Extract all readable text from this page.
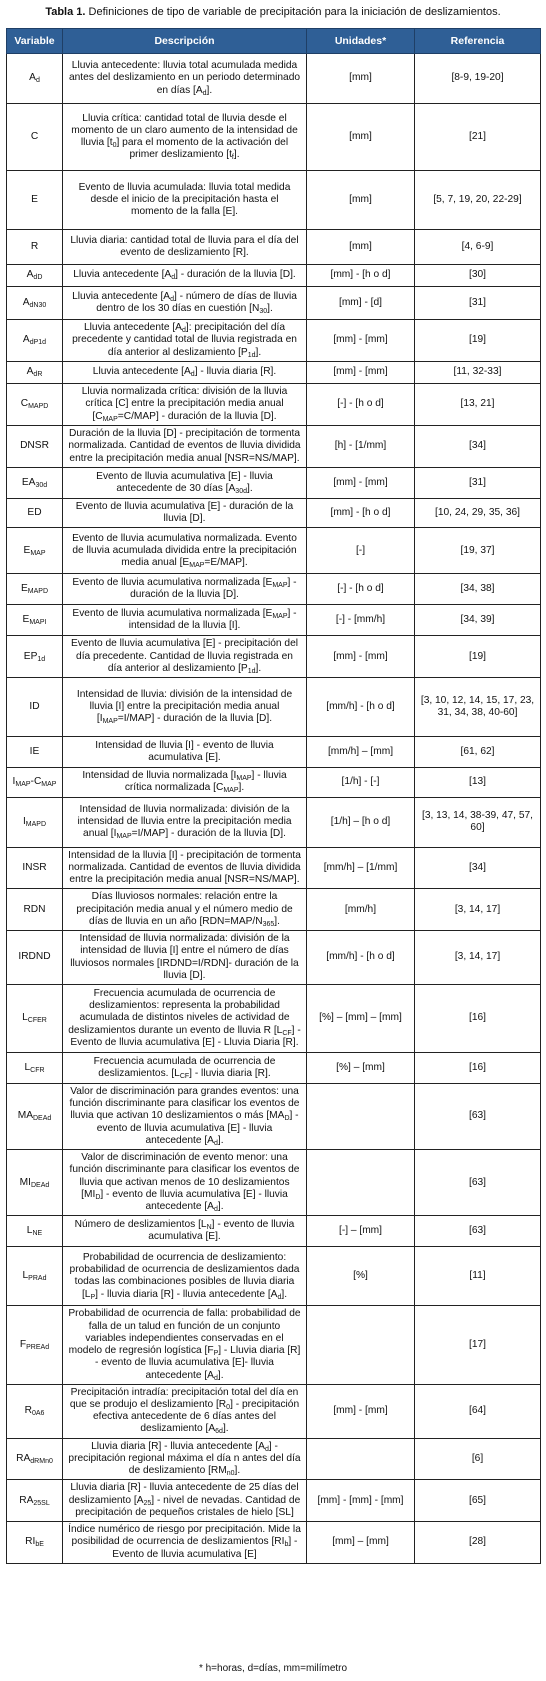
Tabla 1. Definiciones de tipo de variable de precipitación para la iniciación de deslizamientos.
Variable	Descripción	Unidades*	Referencia
$A_d$	Lluvia antecedente: lluvia total acumulada medida antes del deslizamiento en un periodo determinado en días $[A_d]$.	[mm]	[8-9, 19-20]
C	Lluvia crítica: cantidad total de lluvia desde el momento de un claro aumento de la intensidad de lluvia $[t_0]$ para el momento de la activación del primer deslizamiento $[t_f]$.	[mm]	[21]
E	Evento de lluvia acumulada: lluvia total medida desde el inicio de la precipitación hasta el momento de la falla [E].	[mm]	[5, 7, 19, 20, 22-29]
R	Lluvia diaria: cantidad total de lluvia para el día del evento de deslizamiento [R].	[mm]	[4, 6-9]
$A_{dD}$	Lluvia antecedente $[A_d]$ - duración de la lluvia [D].	[mm] - [h o d]	[30]
$A_{dN30}$	Lluvia antecedente $[A_d]$ - número de días de lluvia dentro de los 30 días en cuestión $[N_{30}]$.	[mm] - [d]	[31]
$A_{dP1d}$	Lluvia antecedente $[A_d]$: precipitación del día precedente y cantidad total de lluvia registrada en día anterior al deslizamiento $[P_{1d}]$.	[mm] - [mm]	[19]
$A_{dR}$	Lluvia antecedente $[A_d]$ - lluvia diaria [R].	[mm] - [mm]	[11, 32-33]
$C_{MAPD}$	Lluvia normalizada crítica: división de la lluvia crítica [C] entre la precipitación media anual $[C_{MAP}=C/MAP]$ - duración de la lluvia [D].	[-] - [h o d]	[13, 21]
DNSR	Duración de la lluvia [D] - precipitación de tormenta normalizada. Cantidad de eventos de lluvia dividida entre la precipitación media anual [NSR=NS/MAP].	[h] - [1/mm]	[34]
$EA_{30d}$	Evento de lluvia acumulativa [E] - lluvia antecedente de 30 días $[A_{30d}]$.	[mm] - [mm]	[31]
ED	Evento de lluvia acumulativa [E] - duración de la lluvia [D].	[mm] - [h o d]	[10, 24, 29, 35, 36]
$E_{MAP}$	Evento de lluvia acumulativa normalizada. Evento de lluvia acumulada dividida entre la precipitación media anual $[E_{MAP}=E/MAP]$.	[-]	[19, 37]
$E_{MAPD}$	Evento de lluvia acumulativa normalizada $[E_{MAP}]$ - duración de la lluvia [D].	[-] - [h o d]	[34, 38]
$E_{MAPI}$	Evento de lluvia acumulativa normalizada $[E_{MAP}]$ - intensidad de la lluvia [I].	[-] - [mm/h]	[34, 39]
$EP_{1d}$	Evento de lluvia acumulativa [E] - precipitación del día precedente. Cantidad de lluvia registrada en día anterior al deslizamiento $[P_{1d}]$.	[mm] - [mm]	[19]
ID	Intensidad de lluvia: división de la intensidad de lluvia [I] entre la precipitación media anual $[I_{MAP}=I/MAP]$ - duración de la lluvia [D].	[mm/h] - [h o d]	[3, 10, 12, 14, 15, 17, 23, 31, 34, 38, 40-60]
IE	Intensidad de lluvia [I] - evento de lluvia acumulativa [E].	[mm/h] – [mm]	[61, 62]
$I_{MAP}-C_{MAP}$	Intensidad de lluvia normalizada $[I_{MAP}]$ - lluvia crítica normalizada $[C_{MAP}]$.	[1/h] - [-]	[13]
$I_{MAPD}$	Intensidad de lluvia normalizada: división de la intensidad de lluvia entre la precipitación media anual $[I_{MAP}=I/MAP]$ - duración de la lluvia [D].	[1/h] – [h o d]	[3, 13, 14, 38-39, 47, 57, 60]
INSR	Intensidad de la lluvia [I] - precipitación de tormenta normalizada. Cantidad de eventos de lluvia dividida entre la precipitación media anual [NSR=NS/MAP].	[mm/h] – [1/mm]	[34]
RDN	Días lluviosos normales: relación entre la precipitación media anual y el número medio de días de lluvia en un año $[RDN=MAP/N_{365}]$.	[mm/h]	[3, 14, 17]
IRDND	Intensidad de lluvia normalizada: división de la intensidad de lluvia [I] entre el número de días lluviosos normales [IRDND=I/RDN]- duración de la lluvia [D].	[mm/h] - [h o d]	[3, 14, 17]
$L_{CFER}$	Frecuencia acumulada de ocurrencia de deslizamientos: representa la probabilidad acumulada de distintos niveles de actividad de deslizamientos durante un evento de lluvia R $[L_{CF}]$ - Evento de lluvia acumulativa [E] - Lluvia Diaria [R].	[%] – [mm] – [mm]	[16]
$L_{CFR}$	Frecuencia acumulada de ocurrencia de deslizamientos. $[L_{CF}]$ - lluvia diaria [R].	[%] – [mm]	[16]
$MA_{DEAd}$	Valor de discriminación para grandes eventos: una función discriminante para clasificar los eventos de lluvia que activan 10 deslizamientos o más $[MA_D]$ - evento de lluvia acumulativa [E] - lluvia antecedente $[A_d]$.		[63]
$MI_{DEAd}$	Valor de discriminación de evento menor: una función discriminante para clasificar los eventos de lluvia que activan menos de 10 deslizamientos $[MI_D]$ - evento de lluvia acumulativa [E] - lluvia antecedente $[A_d]$.		[63]
$L_{NE}$	Número de deslizamientos $[L_N]$ - evento de lluvia acumulativa [E].	[-] – [mm]	[63]
$L_{PRAd}$	Probabilidad de ocurrencia de deslizamiento: probabilidad de ocurrencia de deslizamientos dada todas las combinaciones posibles de lluvia diaria $[L_P]$ - lluvia diaria [R] - lluvia antecedente $[A_d]$.	[%]	[11]
$F_{PREAd}$	Probabilidad de ocurrencia de falla: probabilidad de falla de un talud en función de un conjunto variables independientes conservadas en el modelo de regresión logística $[F_P]$ - Lluvia diaria [R] - evento de lluvia acumulativa [E]- lluvia antecedente $[A_d]$.		[17]
$R_{0A6}$	Precipitación intradía: precipitación total del día en que se produjo el deslizamiento $[R_0]$ - precipitación efectiva antecedente de 6 días antes del deslizamiento $[A_{6d}]$.	[mm] - [mm]	[64]
$RA_{dRMn0}$	Lluvia diaria [R] - lluvia antecedente $[A_d]$ - precipitación regional máxima el día n antes del día de deslizamiento $[RM_{n0}]$.		[6]
$RA_{25SL}$	Lluvia diaria [R] - lluvia antecedente de 25 días del deslizamiento $[A_{25}]$ - nivel de nevadas. Cantidad de precipitación de pequeños cristales de hielo [SL]	[mm] - [mm] - [mm]	[65]
$RI_{bE}$	Índice numérico de riesgo por precipitación. Mide la posibilidad de ocurrencia de deslizamientos $[RI_b]$ - Evento de lluvia acumulativa [E]	[mm] – [mm]	[28]
* h=horas, d=días, mm=milímetro
